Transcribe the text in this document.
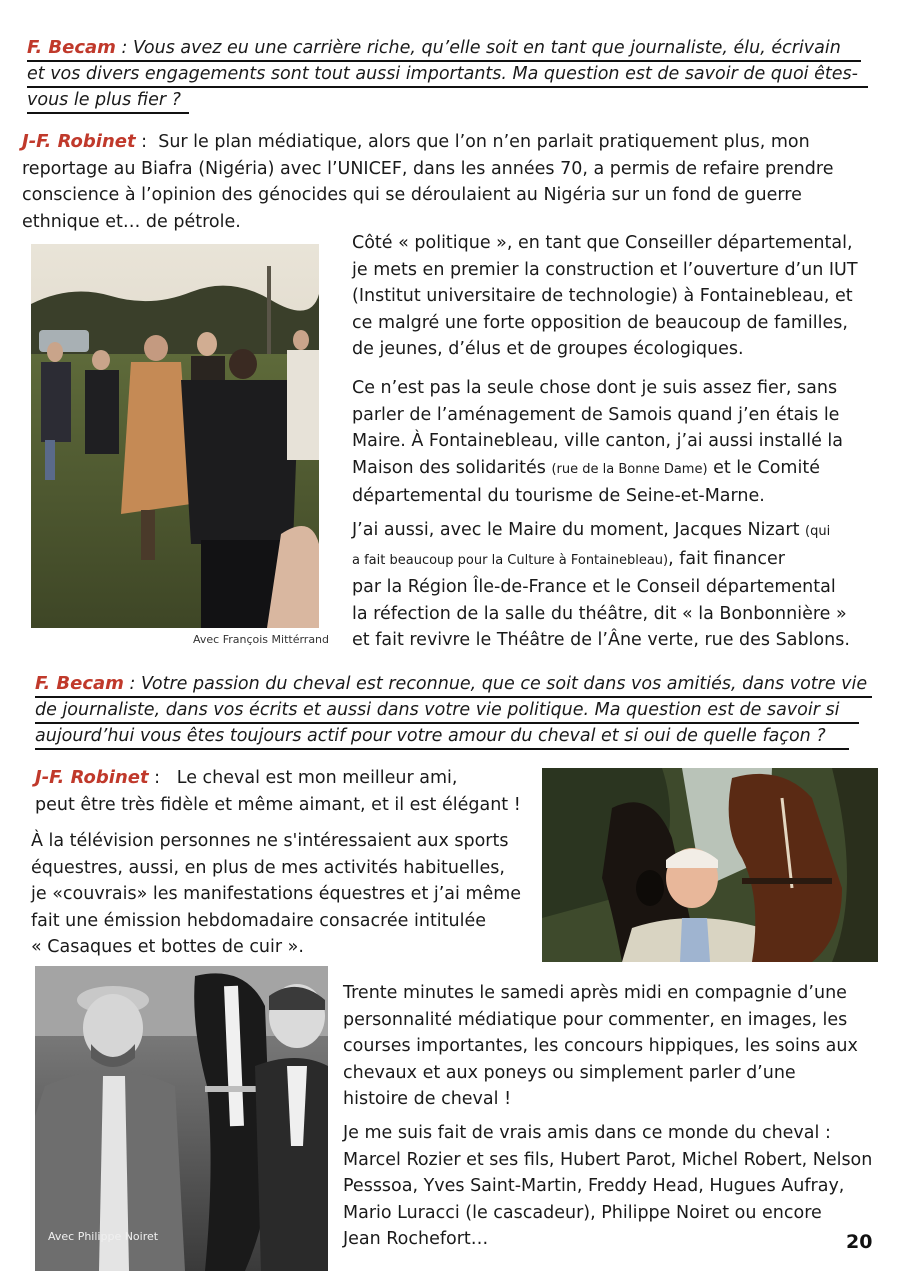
F. Becam : Vous avez eu une carrière riche, qu’elle soit en tant que journaliste, élu, écrivain
et vos divers engagements sont tout aussi importants. Ma question est de savoir de quoi êtes-
vous le plus fier ?
J-F. Robinet :  Sur le plan médiatique, alors que l’on n’en parlait pratiquement plus, mon
reportage au Biafra (Nigéria) avec l’UNICEF, dans les années 70, a permis de refaire prendre
conscience à l’opinion des génocides qui se déroulaient au Nigéria sur un fond de guerre
ethnique et… de pétrole.
Avec François Mittérrand
Côté « politique », en tant que Conseiller départemental,
je mets en premier la construction et l’ouverture d’un IUT
(Institut universitaire de technologie) à Fontainebleau, et
ce malgré une forte opposition de beaucoup de familles,
de jeunes, d’élus et de groupes écologiques.
Ce n’est pas la seule chose dont je suis assez fier, sans
parler de l’aménagement de Samois quand j’en étais le
Maire. À Fontainebleau, ville canton, j’ai aussi installé la
Maison des solidarités (rue de la Bonne Dame) et le Comité
départemental du tourisme de Seine-et-Marne.
J’ai aussi, avec le Maire du moment, Jacques Nizart (qui
a fait beaucoup pour la Culture à Fontainebleau), fait financer
par la Région Île-de-France et le Conseil départemental
la réfection de la salle du théâtre, dit « la Bonbonnière »
et fait revivre le Théâtre de l’Âne verte, rue des Sablons.
F. Becam : Votre passion du cheval est reconnue, que ce soit dans vos amitiés, dans votre vie
de journaliste, dans vos écrits et aussi dans votre vie politique. Ma question est de savoir si
aujourd’hui vous êtes toujours actif pour votre amour du cheval et si oui de quelle façon ?
J-F. Robinet :   Le cheval est mon meilleur ami,
peut être très fidèle et même aimant, et il est élégant !
À la télévision personnes ne s'intéressaient aux sports
équestres, aussi, en plus de mes activités habituelles,
je «couvrais» les manifestations équestres et j’ai même
fait une émission hebdomadaire consacrée intitulée
« Casaques et bottes de cuir ».
Avec Philippe Noiret
Trente minutes le samedi après midi en compagnie d’une
personnalité médiatique pour commenter, en images, les
courses importantes, les concours hippiques, les soins aux
chevaux et aux poneys ou simplement parler d’une
histoire de cheval !
Je me suis fait de vrais amis dans ce monde du cheval :
Marcel Rozier et ses fils, Hubert Parot, Michel Robert, Nelson
Pesssoa, Yves Saint-Martin, Freddy Head, Hugues Aufray,
Mario Luracci (le cascadeur), Philippe Noiret ou encore
Jean Rochefort…	20
